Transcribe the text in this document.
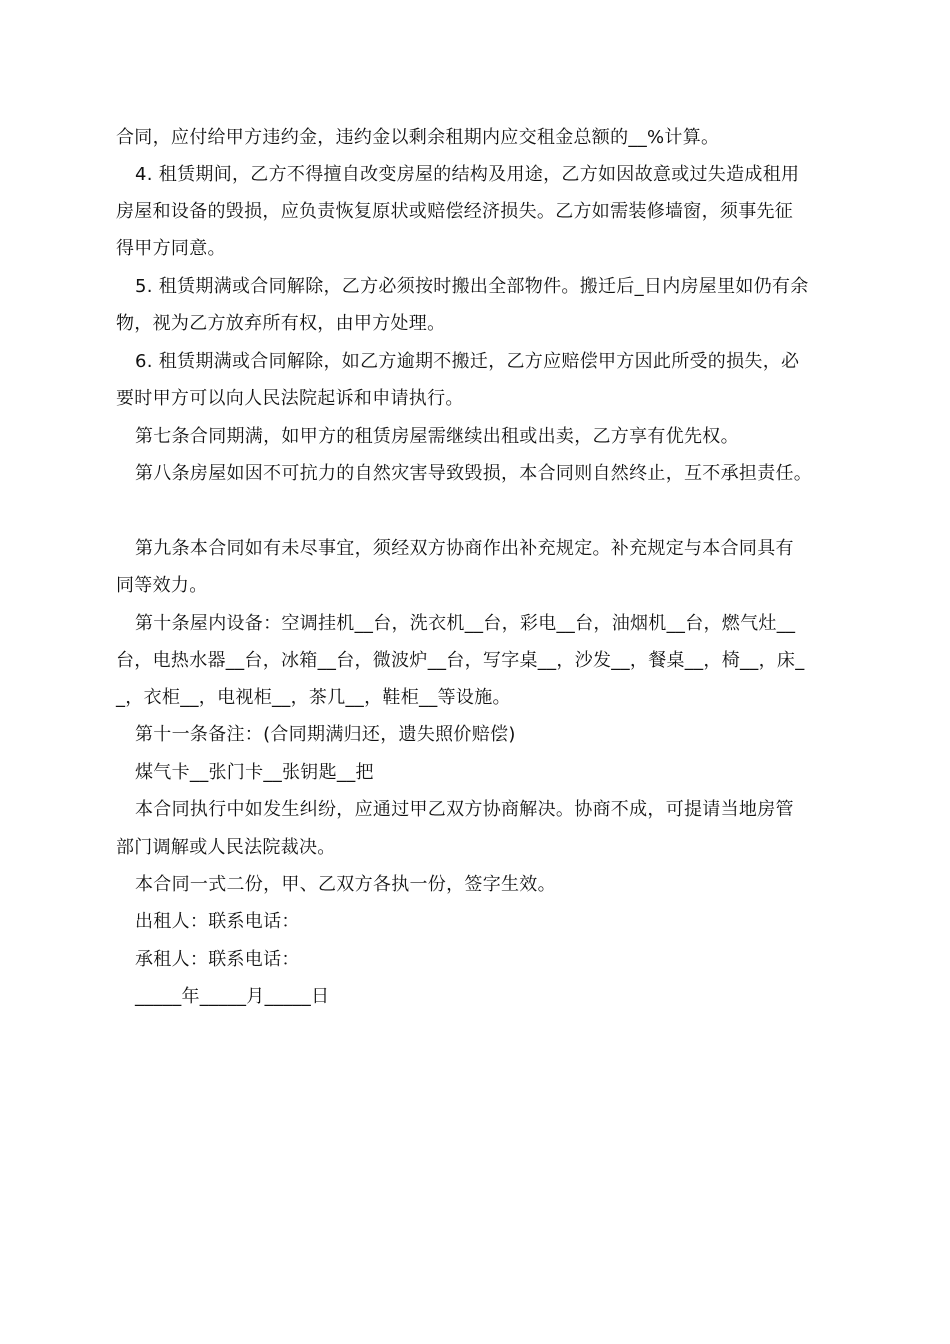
合同，应付给甲方违约金，违约金以剩余租期内应交租金总额的__%计算。
4. 租赁期间，乙方不得擅自改变房屋的结构及用途，乙方如因故意或过失造成租用
房屋和设备的毁损，应负责恢复原状或赔偿经济损失。乙方如需装修墙窗，须事先征
得甲方同意。
5. 租赁期满或合同解除，乙方必须按时搬出全部物件。搬迁后_日内房屋里如仍有余
物，视为乙方放弃所有权，由甲方处理。
6. 租赁期满或合同解除，如乙方逾期不搬迁，乙方应赔偿甲方因此所受的损失，必
要时甲方可以向人民法院起诉和申请执行。
第七条合同期满，如甲方的租赁房屋需继续出租或出卖，乙方享有优先权。
第八条房屋如因不可抗力的自然灾害导致毁损，本合同则自然终止，互不承担责任。
第九条本合同如有未尽事宜，须经双方协商作出补充规定。补充规定与本合同具有
同等效力。
第十条屋内设备：空调挂机__台，洗衣机__台，彩电__台，油烟机__台，燃气灶__
台，电热水器__台，冰箱__台，微波炉__台，写字桌__，沙发__，餐桌__，椅__，床_
_，衣柜__，电视柜__，茶几__，鞋柜__等设施。
第十一条备注：(合同期满归还，遗失照价赔偿)
煤气卡__张门卡__张钥匙__把
本合同执行中如发生纠纷，应通过甲乙双方协商解决。协商不成，可提请当地房管
部门调解或人民法院裁决。
本合同一式二份，甲、乙双方各执一份，签字生效。
出租人：联系电话：
承租人：联系电话：
_____年_____月_____日
